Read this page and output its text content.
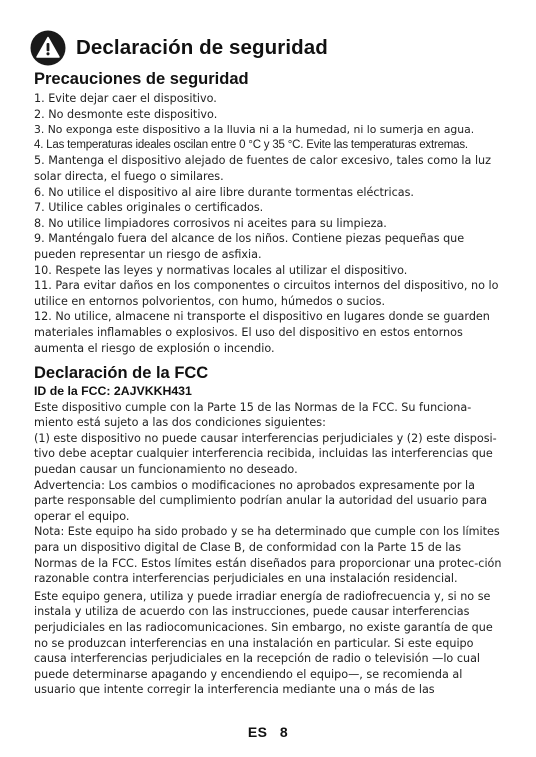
Declaración de seguridad
Precauciones de seguridad
1. Evite dejar caer el dispositivo.
2. No desmonte este dispositivo.
3. No exponga este dispositivo a la lluvia ni a la humedad, ni lo sumerja en agua.
4. Las temperaturas ideales oscilan entre 0 °C y 35 °C. Evite las temperaturas extremas.
5. Mantenga el dispositivo alejado de fuentes de calor excesivo, tales como la luz solar directa, el fuego o similares.
6. No utilice el dispositivo al aire libre durante tormentas eléctricas.
7. Utilice cables originales o certificados.
8. No utilice limpiadores corrosivos ni aceites para su limpieza.
9. Manténgalo fuera del alcance de los niños. Contiene piezas pequeñas que pueden representar un riesgo de asfixia.
10. Respete las leyes y normativas locales al utilizar el dispositivo.
11. Para evitar daños en los componentes o circuitos internos del dispositivo, no lo utilice en entornos polvorientos, con humo, húmedos o sucios.
12. No utilice, almacene ni transporte el dispositivo en lugares donde se guarden materiales inflamables o explosivos. El uso del dispositivo en estos entornos aumenta el riesgo de explosión o incendio.
Declaración de la FCC
ID de la FCC: 2AJVKKH431

Este dispositivo cumple con la Parte 15 de las Normas de la FCC. Su funciona-miento está sujeto a las dos condiciones siguientes:

(1) este dispositivo no puede causar interferencias perjudiciales y (2) este disposi-tivo debe aceptar cualquier interferencia recibida, incluidas las interferencias que puedan causar un funcionamiento no deseado.

Advertencia: Los cambios o modificaciones no aprobados expresamente por la parte responsable del cumplimiento podrían anular la autoridad del usuario para operar el equipo.

Nota: Este equipo ha sido probado y se ha determinado que cumple con los límites para un dispositivo digital de Clase B, de conformidad con la Parte 15 de las Normas de la FCC. Estos límites están diseñados para proporcionar una protec-ción razonable contra interferencias perjudiciales en una instalación residencial.

Este equipo genera, utiliza y puede irradiar energía de radiofrecuencia y, si no se instala y utiliza de acuerdo con las instrucciones, puede causar interferencias perjudiciales en las radiocomunicaciones. Sin embargo, no existe garantía de que no se produzcan interferencias en una instalación en particular. Si este equipo causa interferencias perjudiciales en la recepción de radio o televisión —lo cual puede determinarse apagando y encendiendo el equipo—, se recomienda al usuario que intente corregir la interferencia mediante una o más de las

ES 8
